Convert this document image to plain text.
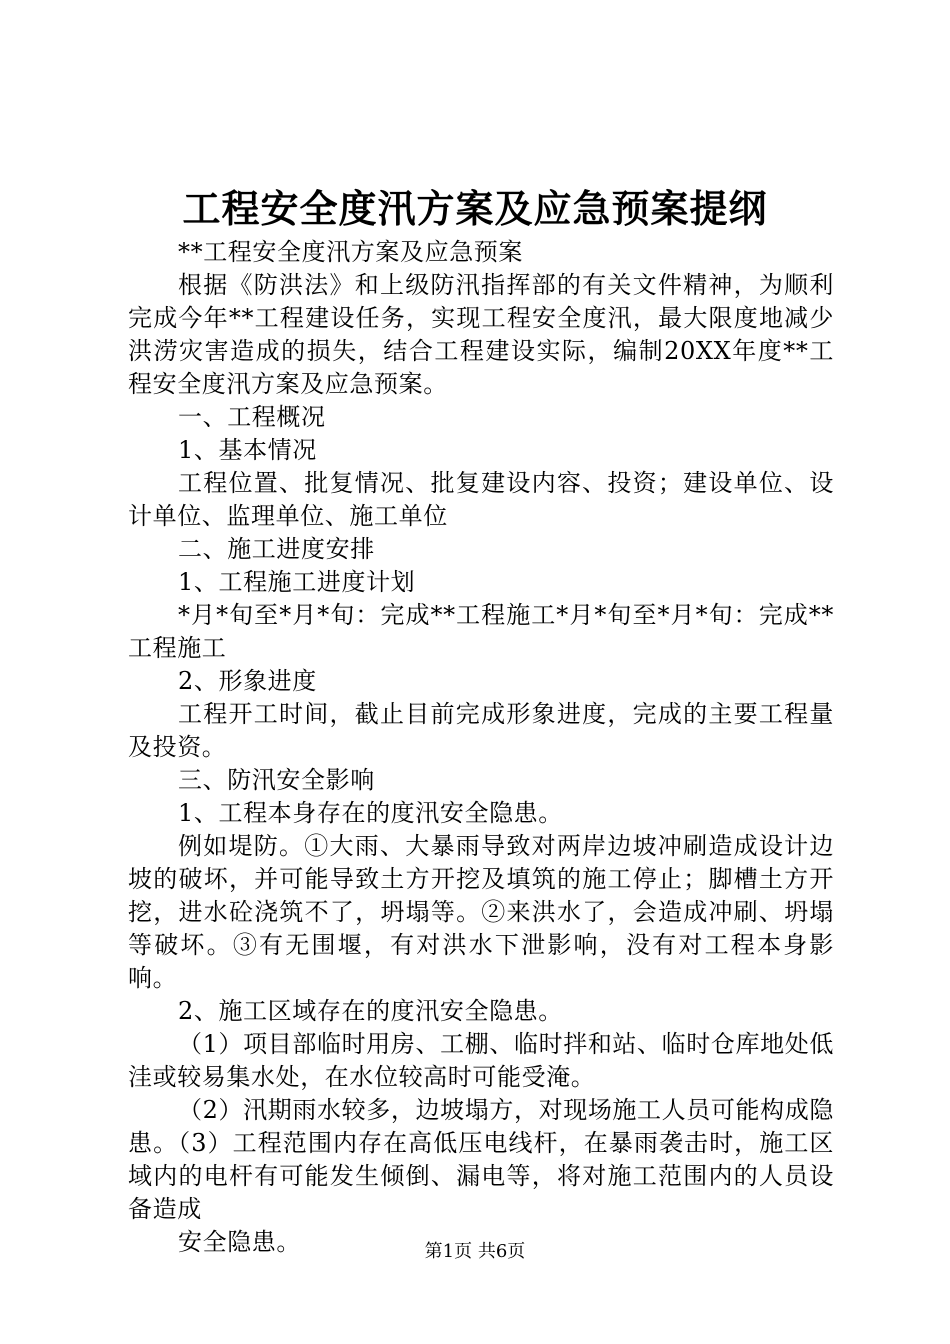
工程安全度汛方案及应急预案提纲

**工程安全度汛方案及应急预案

根据《防洪法》和上级防汛指挥部的有关文件精神，为顺利完成今年**工程建设任务，实现工程安全度汛，最大限度地减少洪涝灾害造成的损失，结合工程建设实际，编制20XX年度**工程安全度汛方案及应急预案。

一、工程概况

1、基本情况

工程位置、批复情况、批复建设内容、投资；建设单位、设计单位、监理单位、施工单位

二、施工进度安排

1、工程施工进度计划

*月*旬至*月*旬：完成**工程施工*月*旬至*月*旬：完成**工程施工

2、形象进度

工程开工时间，截止目前完成形象进度，完成的主要工程量及投资。

三、防汛安全影响

1、工程本身存在的度汛安全隐患。

例如堤防。①大雨、大暴雨导致对两岸边坡冲刷造成设计边坡的破坏，并可能导致土方开挖及填筑的施工停止；脚槽土方开挖，进水砼浇筑不了，坍塌等。②来洪水了，会造成冲刷、坍塌等破坏。③有无围堰，有对洪水下泄影响，没有对工程本身影响。

2、施工区域存在的度汛安全隐患。

（1）项目部临时用房、工棚、临时拌和站、临时仓库地处低洼或较易集水处，在水位较高时可能受淹。

（2）汛期雨水较多，边坡塌方，对现场施工人员可能构成隐患。（3）工程范围内存在高低压电线杆，在暴雨袭击时，施工区域内的电杆有可能发生倾倒、漏电等，将对施工范围内的人员设备造成

安全隐患。	第1页 共6页
